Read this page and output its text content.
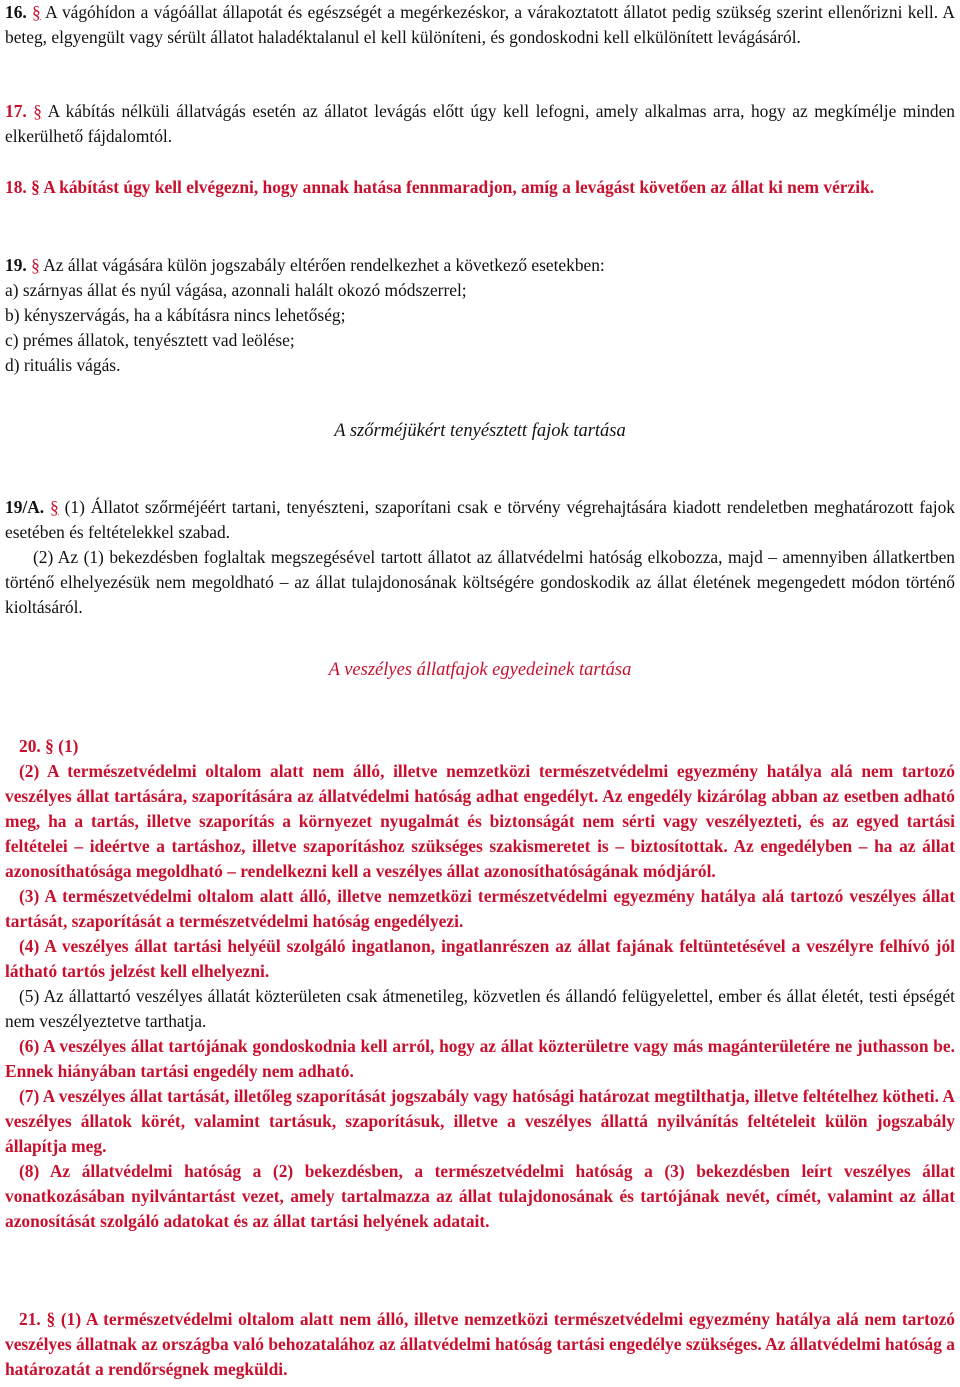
16. § A vágóhídon a vágóállat állapotát és egészségét a megérkezéskor, a várakoztatott állatot pedig szükség szerint ellenőrizni kell. A beteg, elgyengült vagy sérült állatot haladéktalanul el kell különíteni, és gondoskodni kell elkülönített levágásáról.

17. § A kábítás nélküli állatvágás esetén az állatot levágás előtt úgy kell lefogni, amely alkalmas arra, hogy az megkímélje minden elkerülhető fájdalomtól.

18. § A kábítást úgy kell elvégezni, hogy annak hatása fennmaradjon, amíg a levágást követően az állat ki nem vérzik.

19. § Az állat vágására külön jogszabály eltérően rendelkezhet a következő esetekben:

a) szárnyas állat és nyúl vágása, azonnali halált okozó módszerrel;

b) kényszervágás, ha a kábításra nincs lehetőség;

c) prémes állatok, tenyésztett vad leölése;

d) rituális vágás.

A szőrméjükért tenyésztett fajok tartása

19/A. § (1) Állatot szőrméjéért tartani, tenyészteni, szaporítani csak e törvény végrehajtására kiadott rendeletben meghatározott fajok esetében és feltételekkel szabad.

(2) Az (1) bekezdésben foglaltak megszegésével tartott állatot az állatvédelmi hatóság elkobozza, majd – amennyiben állatkertben történő elhelyezésük nem megoldható – az állat tulajdonosának költségére gondoskodik az állat életének megengedett módon történő kioltásáról.

A veszélyes állatfajok egyedeinek tartása

20. § (1)

(2) A természetvédelmi oltalom alatt nem álló, illetve nemzetközi természetvédelmi egyezmény hatálya alá nem tartozó veszélyes állat tartására, szaporítására az állatvédelmi hatóság adhat engedélyt. Az engedély kizárólag abban az esetben adható meg, ha a tartás, illetve szaporítás a környezet nyugalmát és biztonságát nem sérti vagy veszélyezteti, és az egyed tartási feltételei – ideértve a tartáshoz, illetve szaporításhoz szükséges szakismeretet is – biztosítottak. Az engedélyben – ha az állat azonosíthatósága megoldható – rendelkezni kell a veszélyes állat azonosíthatóságának módjáról.

(3) A természetvédelmi oltalom alatt álló, illetve nemzetközi természetvédelmi egyezmény hatálya alá tartozó veszélyes állat tartását, szaporítását a természetvédelmi hatóság engedélyezi.

(4) A veszélyes állat tartási helyéül szolgáló ingatlanon, ingatlanrészen az állat fajának feltüntetésével a veszélyre felhívó jól látható tartós jelzést kell elhelyezni.

(5) Az állattartó veszélyes állatát közterületen csak átmenetileg, közvetlen és állandó felügyelettel, ember és állat életét, testi épségét nem veszélyeztetve tarthatja.

(6) A veszélyes állat tartójának gondoskodnia kell arról, hogy az állat közterületre vagy más magánterületére ne juthasson be. Ennek hiányában tartási engedély nem adható.

(7) A veszélyes állat tartását, illetőleg szaporítását jogszabály vagy hatósági határozat megtilthatja, illetve feltételhez kötheti. A veszélyes állatok körét, valamint tartásuk, szaporításuk, illetve a veszélyes állattá nyilvánítás feltételeit külön jogszabály állapítja meg.

(8) Az állatvédelmi hatóság a (2) bekezdésben, a természetvédelmi hatóság a (3) bekezdésben leírt veszélyes állat vonatkozásában nyilvántartást vezet, amely tartalmazza az állat tulajdonosának és tartójának nevét, címét, valamint az állat azonosítását szolgáló adatokat és az állat tartási helyének adatait.

21. § (1) A természetvédelmi oltalom alatt nem álló, illetve nemzetközi természetvédelmi egyezmény hatálya alá nem tartozó veszélyes állatnak az országba való behozatalához az állatvédelmi hatóság tartási engedélye szükséges. Az állatvédelmi hatóság a határozatát a rendőrségnek megküldi.
